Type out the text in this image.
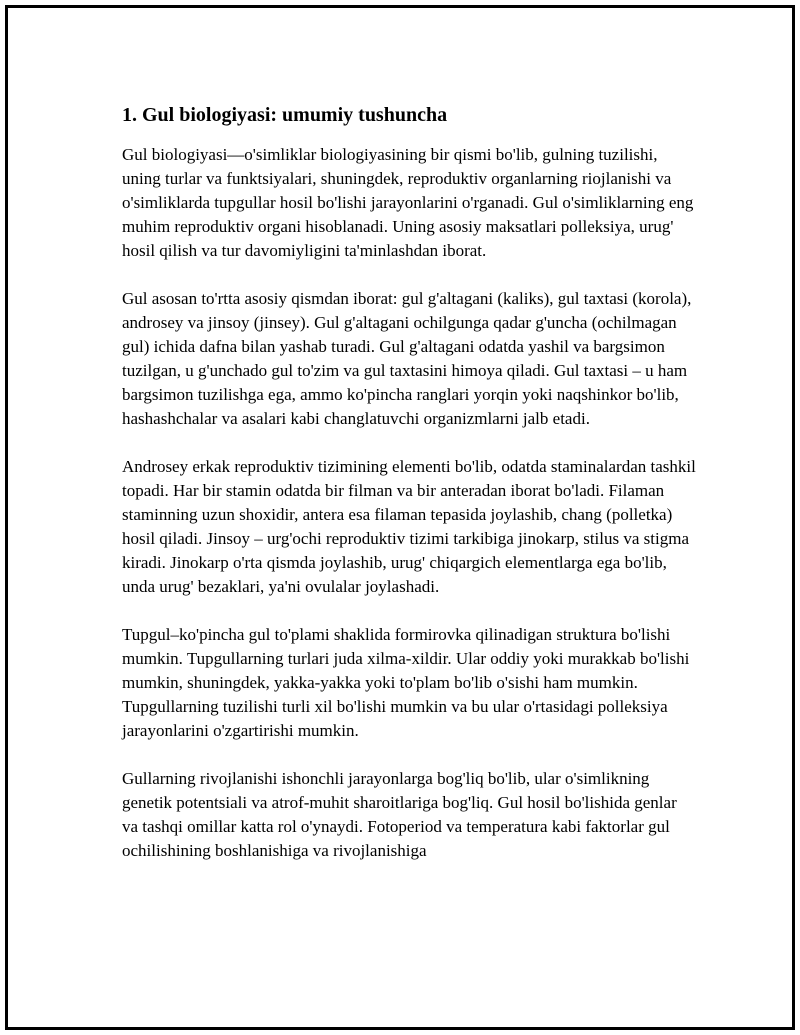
1. Gul biologiyasi: umumiy tushuncha

Gul biologiyasi—o'simliklar biologiyasining bir qismi bo'lib, gulning tuzilishi, uning turlar va funktsiyalari, shuningdek, reproduktiv organlarning riojlanishi va o'simliklarda tupgullar hosil bo'lishi jarayonlarini o'rganadi. Gul o'simliklarning eng muhim reproduktiv organi hisoblanadi. Uning asosiy maksatlari polleksiya, urug' hosil qilish va tur davomiyligini ta'minlashdan iborat.

Gul asosan to'rtta asosiy qismdan iborat: gul g'altagani (kaliks), gul taxtasi (korola), androsey va jinsoy (jinsey). Gul g'altagani ochilgunga qadar g'uncha (ochilmagan gul) ichida dafna bilan yashab turadi. Gul g'altagani odatda yashil va bargsimon tuzilgan, u g'unchado gul to'zim va gul taxtasini himoya qiladi. Gul taxtasi – u ham bargsimon tuzilishga ega, ammo ko'pincha ranglari yorqin yoki naqshinkor bo'lib, hashashchalar va asalari kabi changlatuvchi organizmlarni jalb etadi.

Androsey erkak reproduktiv tizimining elementi bo'lib, odatda staminalardan tashkil topadi. Har bir stamin odatda bir filman va bir anteradan iborat bo'ladi. Filaman staminning uzun shoxidir, antera esa filaman tepasida joylashib, chang (polletka) hosil qiladi. Jinsoy – urg'ochi reproduktiv tizimi tarkibiga jinokarp, stilus va stigma kiradi. Jinokarp o'rta qismda joylashib, urug' chiqargich elementlarga ega bo'lib, unda urug' bezaklari, ya'ni ovulalar joylashadi.

Tupgul–ko'pincha gul to'plami shaklida formirovka qilinadigan struktura bo'lishi mumkin. Tupgullarning turlari juda xilma-xildir. Ular oddiy yoki murakkab bo'lishi mumkin, shuningdek, yakka-yakka yoki to'plam bo'lib o'sishi ham mumkin. Tupgullarning tuzilishi turli xil bo'lishi mumkin va bu ular o'rtasidagi polleksiya jarayonlarini o'zgartirishi mumkin.

Gullarning rivojlanishi ishonchli jarayonlarga bog'liq bo'lib, ular o'simlikning genetik potentsiali va atrof-muhit sharoitlariga bog'liq. Gul hosil bo'lishida genlar va tashqi omillar katta rol o'ynaydi. Fotoperiod va temperatura kabi faktorlar gul ochilishining boshlanishiga va rivojlanishiga
